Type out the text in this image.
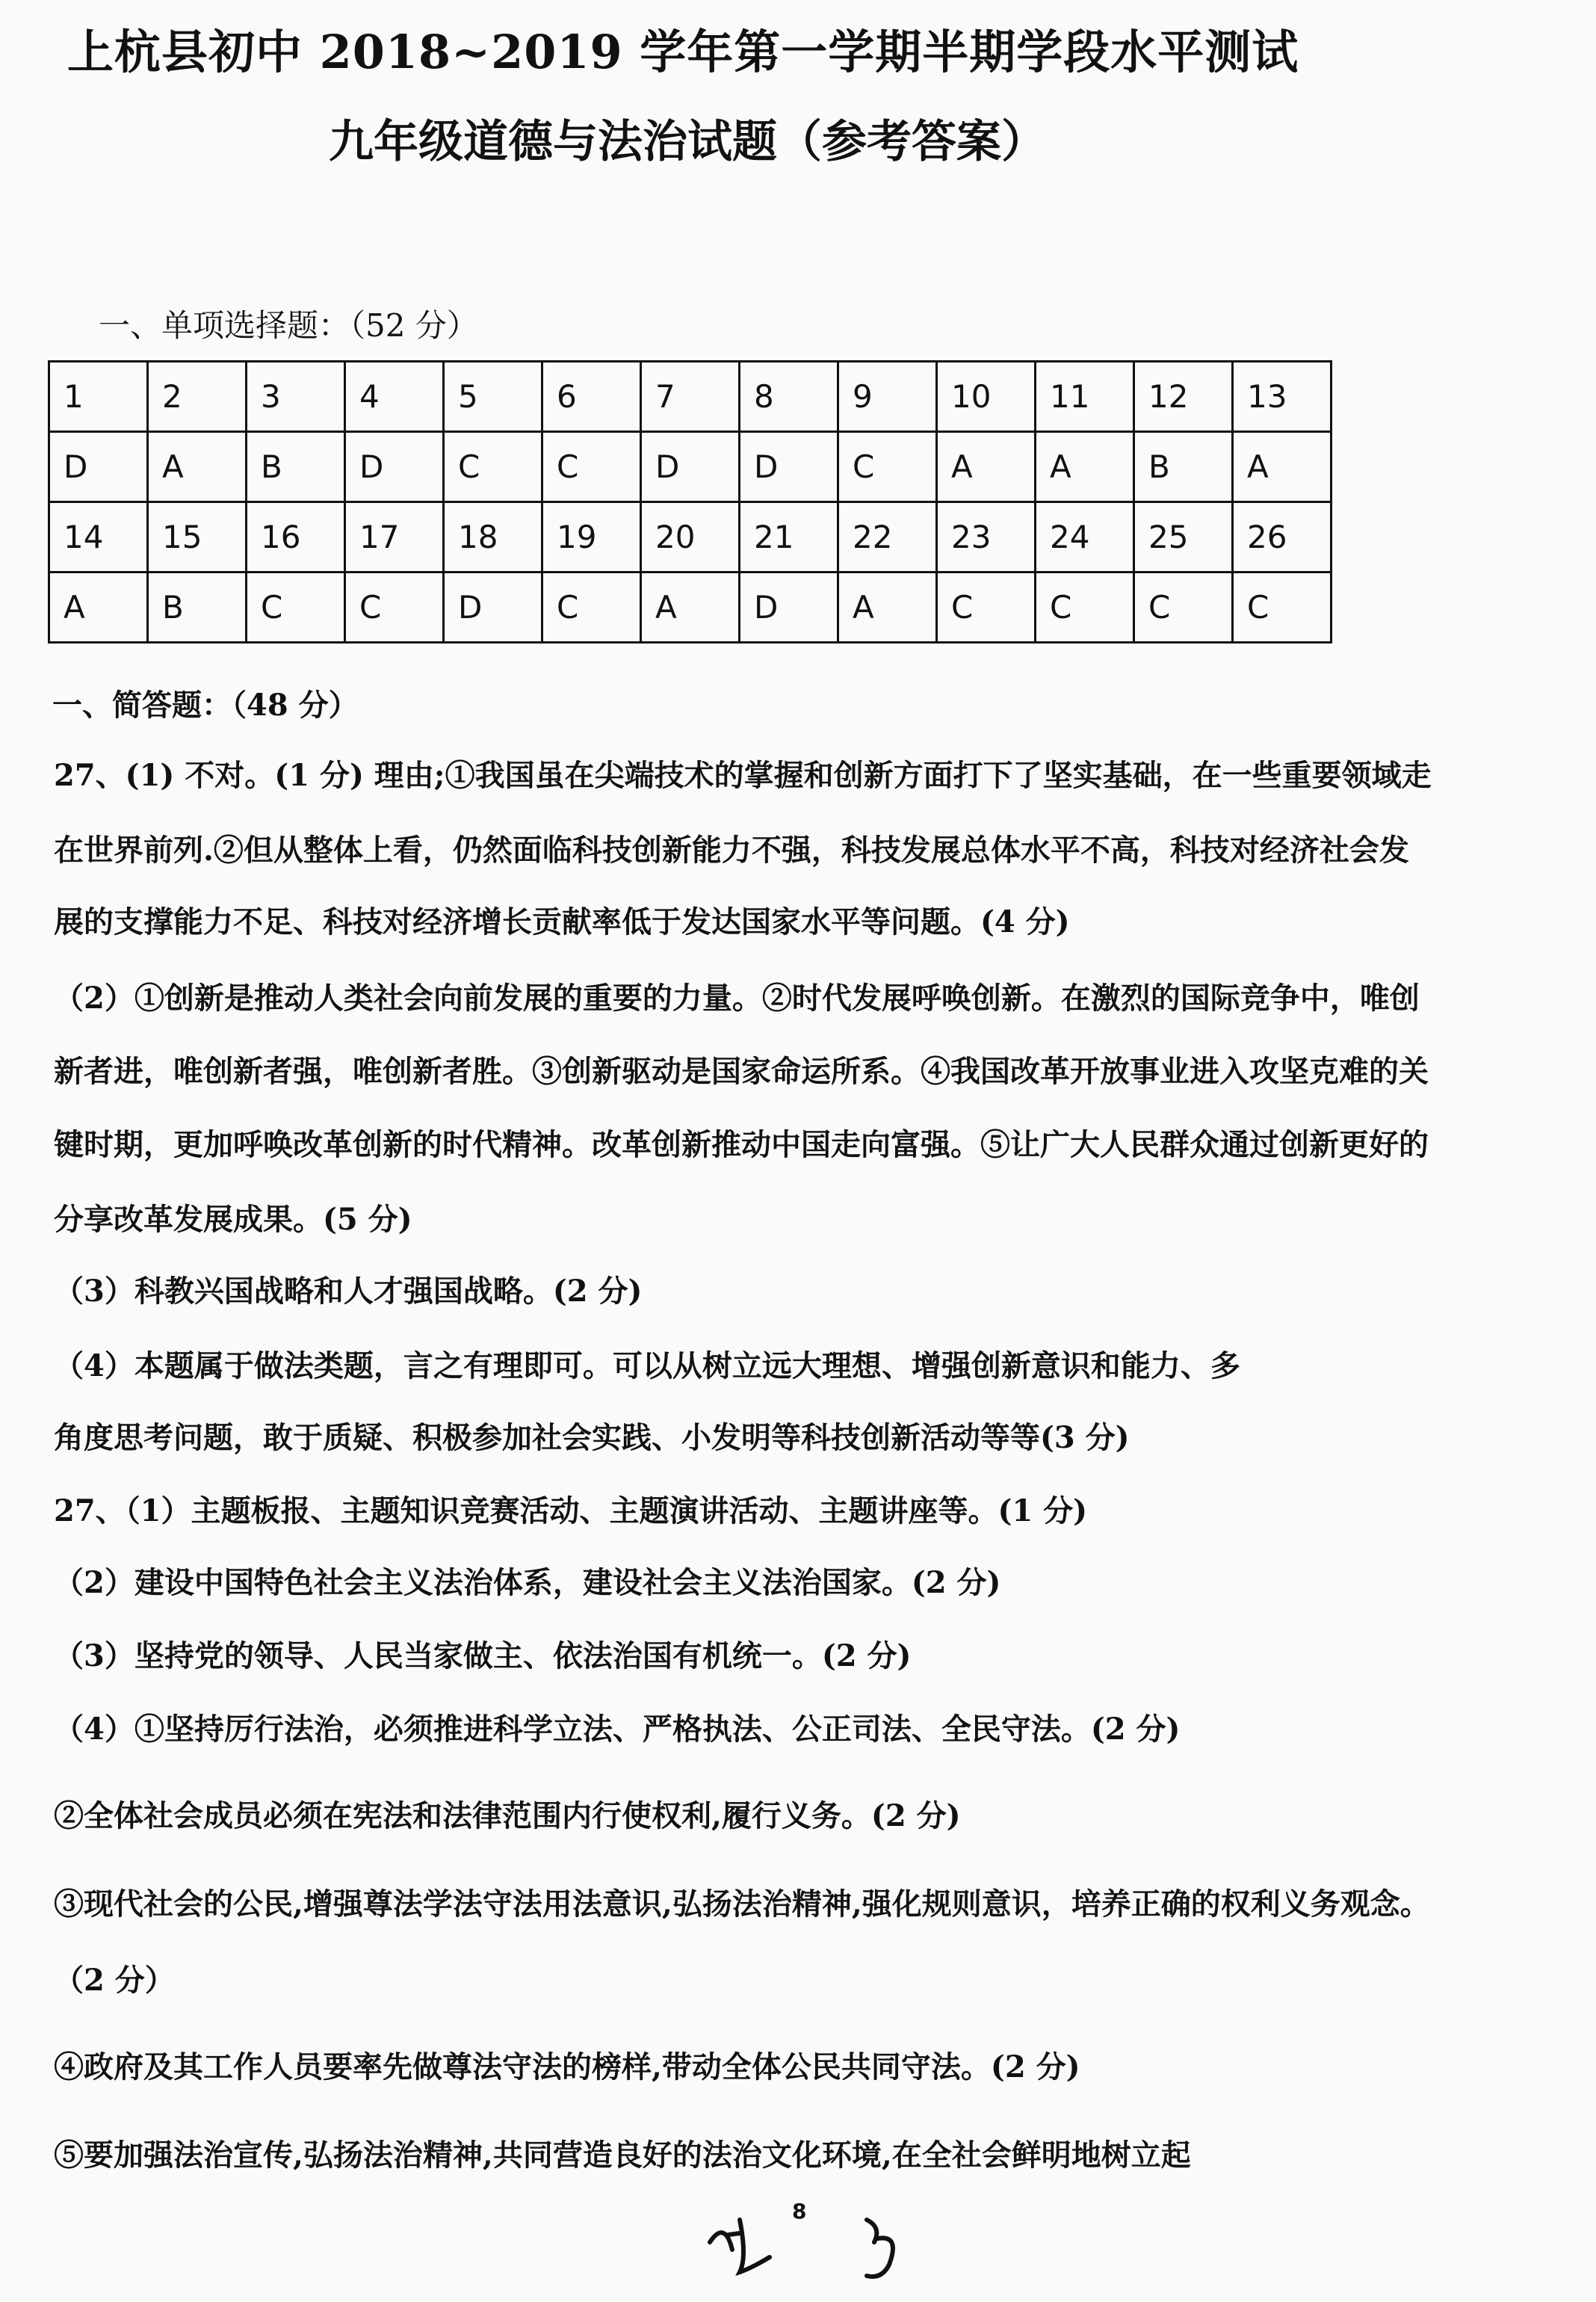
上杭县初中 2018~2019 学年第一学期半期学段水平测试
九年级道德与法治试题（参考答案）
一、单项选择题：（52 分）
1	2	3	4	5	6	7	8	9	10	11	12	13
D	A	B	D	C	C	D	D	C	A	A	B	A
14	15	16	17	18	19	20	21	22	23	24	25	26
A	B	C	C	D	C	A	D	A	C	C	C	C
一、简答题：（48 分）
27、(1) 不对。(1 分) 理由;①我国虽在尖端技术的掌握和创新方面打下了坚实基础，在一些重要领域走
在世界前列.②但从整体上看，仍然面临科技创新能力不强，科技发展总体水平不高，科技对经济社会发
展的支撑能力不足、科技对经济增长贡献率低于发达国家水平等问题。(4 分)
（2）①创新是推动人类社会向前发展的重要的力量。②时代发展呼唤创新。在激烈的国际竞争中，唯创
新者进，唯创新者强，唯创新者胜。③创新驱动是国家命运所系。④我国改革开放事业进入攻坚克难的关
键时期，更加呼唤改革创新的时代精神。改革创新推动中国走向富强。⑤让广大人民群众通过创新更好的
分享改革发展成果。(5 分)
（3）科教兴国战略和人才强国战略。(2 分)
（4）本题属于做法类题，言之有理即可。可以从树立远大理想、增强创新意识和能力、多
角度思考问题，敢于质疑、积极参加社会实践、小发明等科技创新活动等等(3 分)
27、（1）主题板报、主题知识竞赛活动、主题演讲活动、主题讲座等。(1 分)
（2）建设中国特色社会主义法治体系，建设社会主义法治国家。(2 分)
（3）坚持党的领导、人民当家做主、依法治国有机统一。(2 分)
（4）①坚持厉行法治，必须推进科学立法、严格执法、公正司法、全民守法。(2 分)
②全体社会成员必须在宪法和法律范围内行使权利,履行义务。(2 分)
③现代社会的公民,增强尊法学法守法用法意识,弘扬法治精神,强化规则意识，培养正确的权利义务观念。
（2 分）
④政府及其工作人员要率先做尊法守法的榜样,带动全体公民共同守法。(2 分)
⑤要加强法治宣传,弘扬法治精神,共同营造良好的法治文化环境,在全社会鲜明地树立起
8
